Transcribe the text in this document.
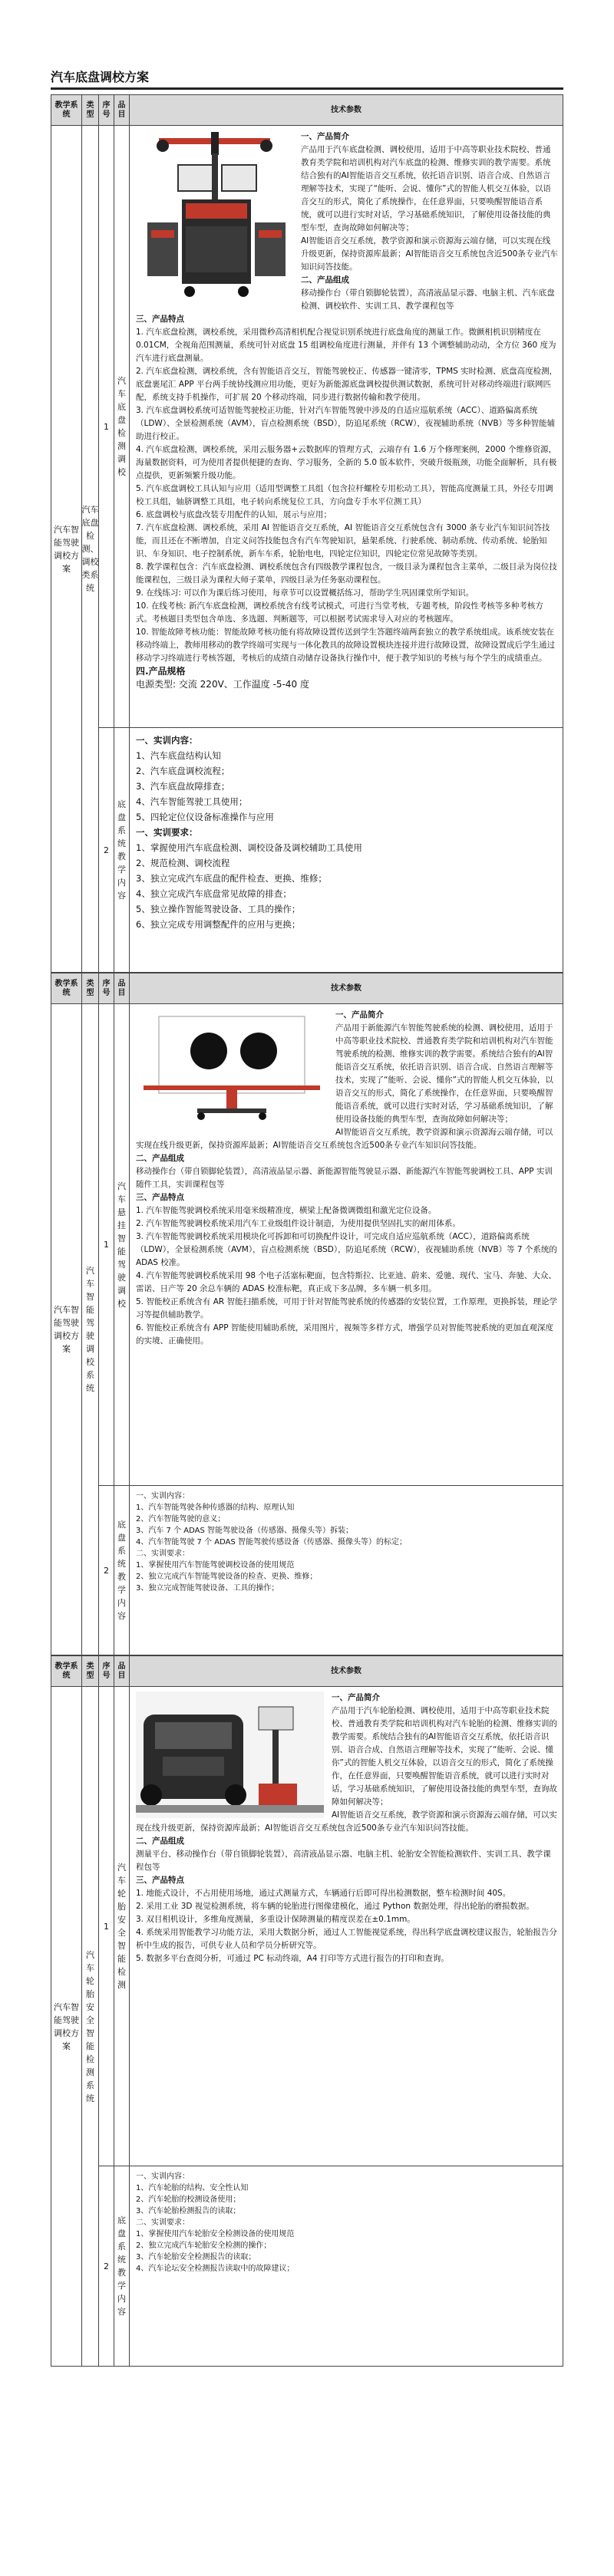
汽车底盘调校方案
教学系统
类型
序号
品目
技术参数
汽车智能驾驶调校方案
汽车底盘检测、调校类系统
1
汽车底盘检测调校

一、产品简介

产品用于汽车底盘检测、调校使用，适用于中高等职业技术院校、普通教育类学院和培训机构对汽车底盘的检测、维修实训的教学需要。系统结合独有的AI智能语音交互系统，依托语音识别、语音合成、自然语言理解等技术，实现了“能听、会说、懂你”式的智能人机交互体验，以语音交互的形式，简化了系统操作，在任意界面，只要唤醒智能语音系统，就可以进行实时对话，学习基础系统知识，了解使用设备技能的典型车型，查询故障如何解决等；

AI智能语音交互系统，教学资源和演示资源海云端存储，可以实现在线升级更新，保持资源库最新；AI智能语音交互系统包含近500条专业汽车知识问答技能。

二、产品组成

移动操作台（带自锁脚轮装置），高清液晶显示器、电脑主机、汽车底盘检测、调校软件、实训工具、教学课程包等

三、产品特点

1. 汽车底盘检测，调校系统，采用微秒高清相机配合视觉识别系统进行底盘角度的测量工作。微颤相机识别精度在 0.01CM，全视角范围测量，系统可针对底盘 15 组调校角度进行测量，并伴有 13 个调整辅助动动，全方位 360 度为汽车进行底盘测量。

2. 汽车底盘检测，调校系统，含有智能语音交互，智能驾驶校正、传感器一键清零，TPMS 实时检测、底盘高度检测，底盘裹尾汇 APP 平台两手统协线测应用功能，更好为新能源底盘调校提供测试数据，系统可针对移动终端进行联网匹配，系统支持手机操作，可扩展 20 个移动终端，同步进行数据传输和教学使用。

3. 汽车底盘调校系统可适智能驾驶校正功能，针对汽车智能驾驶中涉及的自适应巡航系统（ACC）、道路偏离系统（LDW）、全景检测系统（AVM），盲点检测系统（BSD），防追尾系统（RCW），夜视辅助系统（NVB）等多种智能辅助进行校正。

4. 汽车底盘检测，调校系统，采用云服务器+云数据库的管理方式，云端存有 1.6 万个修理案例，2000 个维修资源，海量数据资料，可为使用者提供便捷的查询、学习服务，全新的 5.0 版本软件，突破升级瓶颈，功能全面解析，具有极点提供，更新频繁升级功能。

5. 汽车底盘调校工具认知与应用（适用型调整工具组（包含拉杆螺栓专用松动工具），智能高度测量工具，外径专用调校工具组，轴脐调整工具组，电子转向系统复位工具，方向盘专手水平位测工具）

6. 底盘调校与底盘改装专用配件的认知，展示与应用；

7. 汽车底盘检测、调校系统，采用 AI 智能语音交互系统，AI 智能语音交互系统包含有 3000 条专业汽车知识问答技能，而且还在不断增加，自定义问答技能包含有汽车驾驶知识，悬架系统、行驶系统、制动系统、传动系统、轮胎知识、车身知识、电子控制系统，新车车系，轮胎电电，四轮定位知识，四轮定位常见故障等类别。

8. 教学课程包含：汽车底盘检测、调校系统包含有四级教学课程包含，一级目录为课程包含主菜单，二级目录为岗位技能课程包，三级目录为课程大师子菜单，四级目录为任务驱动课程包。

9. 在线练习: 可以作为课后练习使用，每章节可以设置概括练习，帮助学生巩固课堂所学知识。

10. 在线考核: 新汽车底盘检测，调校系统含有线考试模式，可进行当堂考核，专题考核，阶段性考核等多种考核方式。考核题目类型包含单选、多选题、判断题等，可以根据考试需求导入对应的考核题库。

10. 智能故障考核功能：智能故障考核功能有将故障设置传送到学生答题终端两套独立的教学系统组成。该系统安装在移动终端上，教师用移动的教学终端可实现与一体化教具的故障设置模块连接并进行故障设置，故障设置成后学生通过移动学习终端进行考核答题，考核后的成绩自动储存设备执行操作中，便于教学知识的考核与每个学生的成绩重点。

四.产品规格

电源类型: 交流 220V、工作温度 -5-40 度

2
底盘系统教学内容

一、实训内容：

1、汽车底盘结构认知

2、汽车底盘调校流程；

3、汽车底盘故障排查；

4、汽车智能驾驶工具使用；

5、四轮定位仪设备标准操作与应用

一、实训要求：

1、掌握使用汽车底盘检测、调校设备及调校辅助工具使用

2、规范检测、调校流程

3、独立完成汽车底盘的配件检查、更换、维修；

4、独立完成汽车底盘常见故障的排查；

5、独立操作智能驾驶设备、工具的操作；

6、独立完成专用调整配件的应用与更换；

教学系统
类型
序号
品目
技术参数
汽车智能驾驶调校方案
汽车智能驾驶调校系统
1
汽车悬挂智能驾驶调校

一、产品简介

产品用于新能源汽车智能驾驶系统的检测、调校使用，适用于中高等职业技术院校、普通教育类学院和培训机构对汽车智能驾驶系统的检测、维修实训的教学需要。系统结合独有的AI智能语音交互系统，依托语音识别、语音合成、自然语言理解等技术，实现了“能听、会说、懂你”式的智能人机交互体验，以语音交互的形式，简化了系统操作，在任意界面，只要唤醒智能语音系统，就可以进行实时对话，学习基础系统知识，了解使用设备技能的典型车型，查询故障如何解决等；

AI智能语音交互系统，教学资源和演示资源海云端存储，可以实现在线升级更新，保持资源库最新；AI智能语音交互系统包含近500条专业汽车知识问答技能。

二、产品组成

移动操作台（带自锁脚轮装置），高清液晶显示器、新能源智能驾驶显示器、新能源汽车智能驾驶调校工具、APP 实训随件工具，实训课程包等

三、产品特点

1. 汽车智能驾驶调校系统采用毫米级精准度，横梁上配备微调微组和激光定位设备。

2. 汽车智能驾驶调校系统采用汽车工业级组件设计制造，为使用提供坚固扎实的耐用体系。

3. 汽车智能驾驶调校系统采用模块化可拆卸和可切换配件设计，可完成自适应巡航系统（ACC），道路偏离系统（LDW），全景检测系统（AVM），盲点检测系统（BSD），防追尾系统（RCW），夜视辅助系统（NVB）等 7 个系统的 ADAS 校准。

4. 汽车智能驾驶调校系统采用 98 个电子活塞标靶面，包含特斯拉、比亚迪、蔚来、爱驰、现代、宝马、奔驰、大众、雷诺、日产等 20 余总车辆的 ADAS 校准标靶，真正成下多品牌，多车辆一机多用。

5. 智能校正系统含有 AR 智能扫描系统，可用于针对智能驾驶系统的传感器的安装位置，工作原理，更换拆装，理论学习等提供辅助教学。

6. 智能校正系统含有 APP 智能使用辅助系统，采用图片，视频等多样方式，增强学员对智能驾驶系统的更加直观深度的实境、正确使用。

2
底盘系统教学内容

一、实训内容：

1、汽车智能驾驶各种传感器的结构、原理认知

2、汽车智能驾驶的意义；

3、汽车 7 个 ADAS 智能驾驶设备（传感器、摄像头等）拆装；

4、汽车智能驾驶 7 个 ADAS 智能驾驶传感设备（传感器、摄像头等）的标定；

二、实训要求：

1、掌握使用汽车智能驾驶调校设备的使用规范

2、独立完成汽车智能驾驶设备的检查、更换、维修；

3、独立完成智能驾驶设备、工具的操作；

教学系统
类型
序号
品目
技术参数
汽车智能驾驶调校方案
汽车轮胎安全智能检测系统
1
汽车轮胎安全智能检测

一、产品简介

产品用于汽车轮胎检测、调校使用，适用于中高等职业技术院校、普通教育类学院和培训机构对汽车轮胎的检测、维修实训的教学需要。系统结合独有的AI智能语音交互系统，依托语音识别、语音合成、自然语言理解等技术，实现了“能听、会说、懂你”式的智能人机交互体验，以语音交互的形式，简化了系统操作，在任意界面，只要唤醒智能语音系统，就可以进行实时对话，学习基础系统知识，了解使用设备技能的典型车型，查询故障如何解决等；

AI智能语音交互系统，教学资源和演示资源海云端存储，可以实现在线升级更新，保持资源库最新；AI智能语音交互系统包含近500条专业汽车知识问答技能。

二、产品组成

测量平台、移动操作台（带自锁脚轮装置），高清液晶显示器、电脑主机、轮胎安全智能检测软件、实训工具、教学课程包等

三、产品特点

1. 地能式设计，不占用使用场地，通过式测量方式，车辆通行后即可得出检测数据，整车检测时间 40S。

2. 采用工业 3D 视觉检测系统，将车辆的轮胎进行图像建模化，通过 Python 数据处理，得出轮胎的磨损数据。

3. 双目相机设计，多维角度测量，多重设计保障测量的精度误差在±0.1mm。

4. 系统采用智能教学习功能方法，采用大数据分析，通过人工智能视觉系统，得出科学底盘调校建议报告，轮胎报告分析中生成的报告，可供专业人员和学员分析研究等。

5. 数据多平台查阅分析，可通过 PC 标动终端，A4 打印等方式进行报告的打印和查询。

2
底盘系统教学内容

一、实训内容：

1、汽车轮胎的结构、安全性认知

2、汽车轮胎的校测设备使用；

3、汽车轮胎检测报告的读取；

二、实训要求：

1、掌握使用汽车轮胎安全检测设备的使用规范

2、独立完成汽车轮胎安全检测的操作；

3、汽车轮胎安全检测报告的读取；

4、汽车论坛安全检测报告读取中的故障建议；
